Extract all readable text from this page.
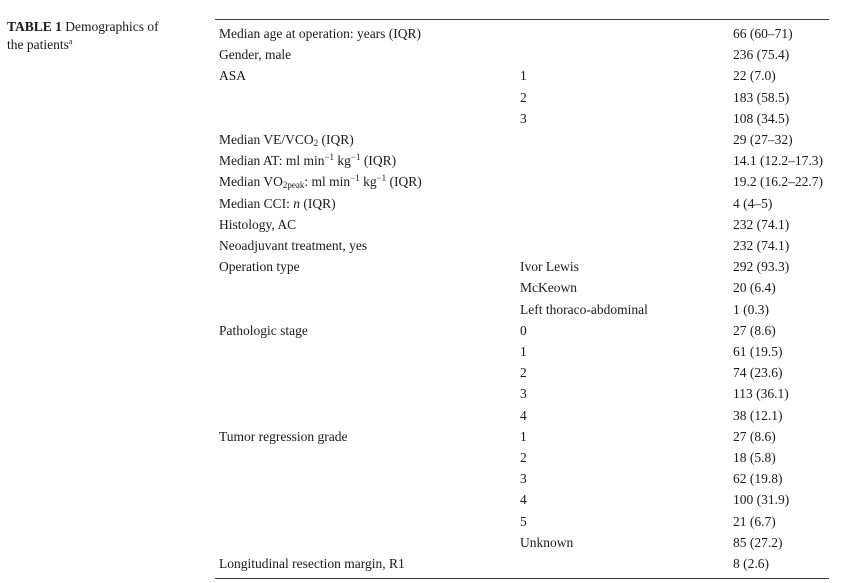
TABLE 1 Demographics of
the patients$^a$
Median age at operation: years (IQR)		66 (60–71)
Gender, male		236 (75.4)
ASA	1	22 (7.0)
	2	183 (58.5)
	3	108 (34.5)
Median $VE/VCO_2$ (IQR)		29 (27–32)
Median AT: ml $\min^{-1} kg^{-1}$ (IQR)		14.1 (12.2–17.3)
Median $VO_{2peak}$: ml $\min^{-1} kg^{-1}$ (IQR)		19.2 (16.2–22.7)
Median CCI: n (IQR)		4 (4–5)
Histology, AC		232 (74.1)
Neoadjuvant treatment, yes		232 (74.1)
Operation type	Ivor Lewis	292 (93.3)
	McKeown	20 (6.4)
	Left thoraco-abdominal	1 (0.3)
Pathologic stage	0	27 (8.6)
	1	61 (19.5)
	2	74 (23.6)
	3	113 (36.1)
	4	38 (12.1)
Tumor regression grade	1	27 (8.6)
	2	18 (5.8)
	3	62 (19.8)
	4	100 (31.9)
	5	21 (6.7)
	Unknown	85 (27.2)
Longitudinal resection margin, R1		8 (2.6)
